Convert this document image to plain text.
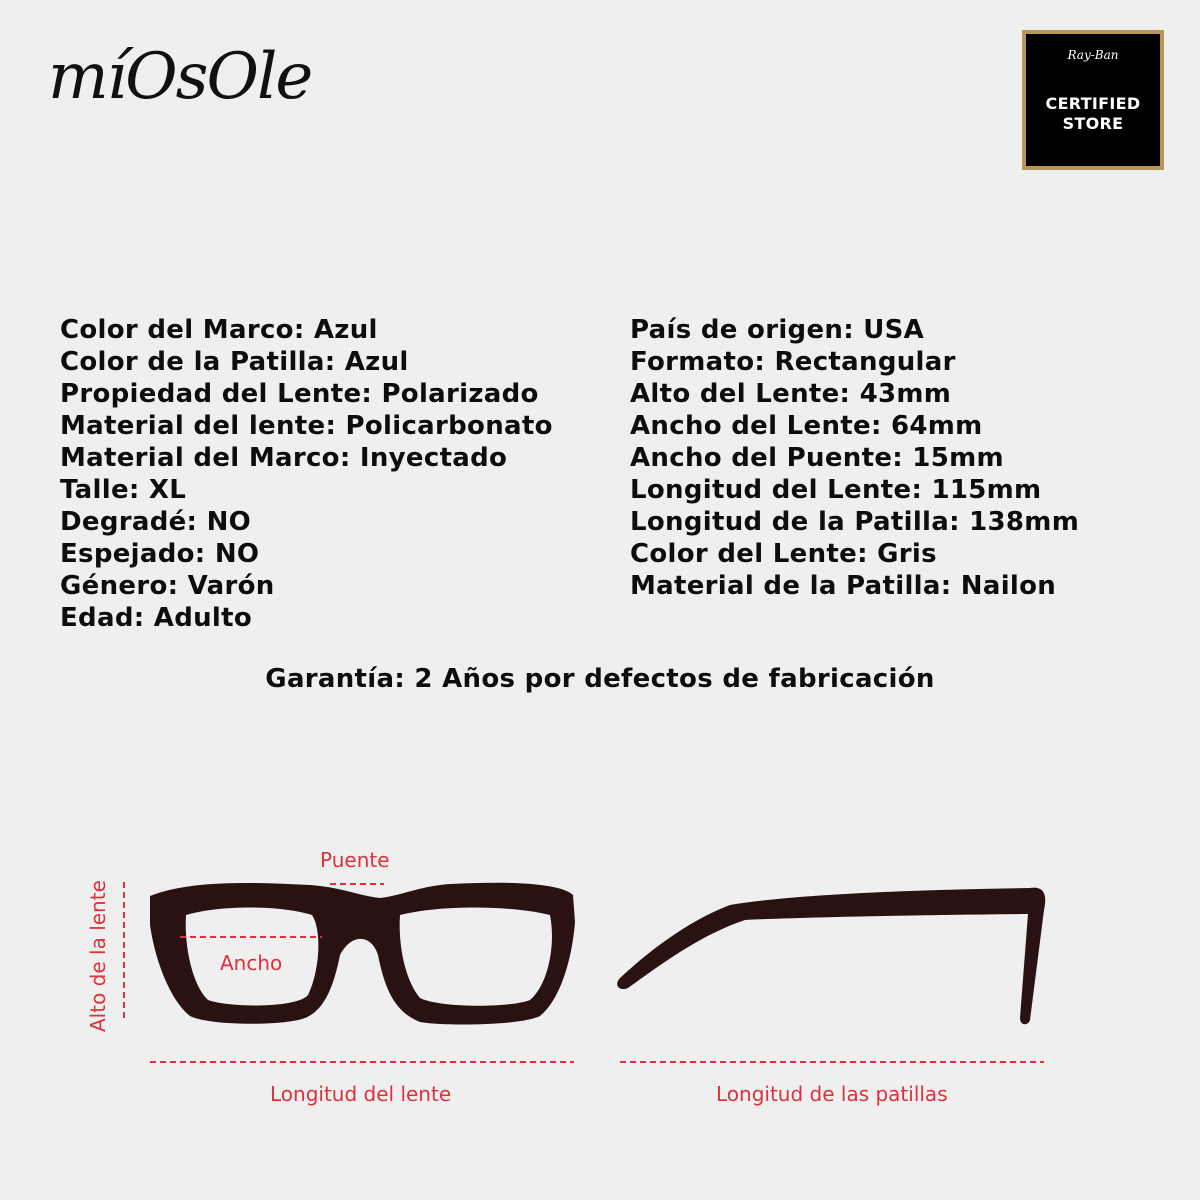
míOsOle	Ray-Ban
CERTIFIED
STORE
Color del Marco: Azul
Color de la Patilla: Azul
Propiedad del Lente: Polarizado
Material del lente: Policarbonato
Material del Marco: Inyectado
Talle: XL
Degradé: NO
Espejado: NO
Género: Varón
Edad: Adulto
País de origen: USA
Formato: Rectangular
Alto del Lente: 43mm
Ancho del Lente: 64mm
Ancho del Puente: 15mm
Longitud del Lente: 115mm
Longitud de la Patilla: 138mm
Color del Lente: Gris
Material de la Patilla: Nailon
Garantía: 2 Años por defectos de fabricación
Puente
Ancho
Alto de la lente
Longitud del lente	Longitud de las patillas
